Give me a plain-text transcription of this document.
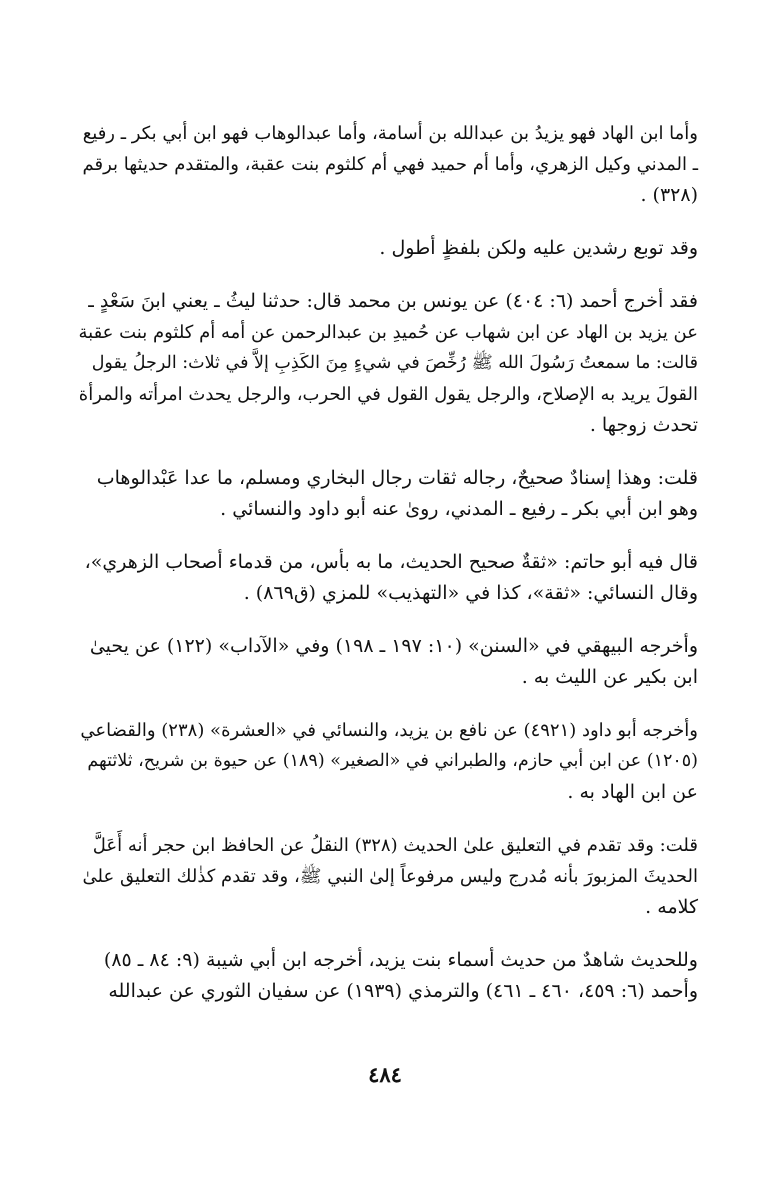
وأما ابن الهاد فهو يزيدُ بن عبدالله بن أسامة، وأما عبدالوهاب فهو ابن أبي بكر ـ رفيع
ـ المدني وكيل الزهري، وأما أم حميد فهي أم كلثوم بنت عقبة، والمتقدم حديثها برقم
(٣٢٨) .

وقد توبع رشدين عليه ولكن بلفظٍ أطول .

فقد أخرج أحمد (٦: ٤٠٤) عن يونس بن محمد قال: حدثنا ليثُ ـ يعني ابنَ سَعْدٍ ـ
عن يزيد بن الهاد عن ابن شهاب عن حُميدِ بن عبدالرحمن عن أمه أم كلثوم بنت عقبة
قالت: ما سمعتُ رَسُولَ الله ﷺ رُخِّصَ في شيءٍ مِنَ الكَذِبِ إلاَّ في ثلاث: الرجلُ يقول
القولَ يريد به الإصلاح، والرجل يقول القول في الحرب، والرجل يحدث امرأته والمرأة
تحدث زوجها .

قلت: وهذا إسنادٌ صحيحٌ، رجاله ثقات رجال البخاري ومسلم، ما عدا عَبْدالوهاب
وهو ابن أبي بكر ـ رفيع ـ المدني، روىٰ عنه أبو داود والنسائي .

قال فيه أبو حاتم: «ثقةٌ صحيح الحديث، ما به بأس، من قدماء أصحاب الزهري»،
وقال النسائي: «ثقة»، كذا في «التهذيب» للمزي (ق٨٦٩) .

وأخرجه البيهقي في «السنن» (١٠: ١٩٧ ـ ١٩٨) وفي «الآداب» (١٢٢) عن يحيىٰ
ابن بكير عن الليث به .

وأخرجه أبو داود (٤٩٢١) عن نافع بن يزيد، والنسائي في «العشرة» (٢٣٨) والقضاعي
(١٢٠٥) عن ابن أبي حازم، والطبراني في «الصغير» (١٨٩) عن حيوة بن شريح، ثلاثتهم
عن ابن الهاد به .

قلت: وقد تقدم في التعليق علىٰ الحديث (٣٢٨) النقلُ عن الحافظ ابن حجر أنه أَعَلَّ
الحديثَ المزبورَ بأنه مُدرج وليس مرفوعاً إلىٰ النبي ﷺ، وقد تقدم كذٰلك التعليق علىٰ
كلامه .

وللحديث شاهدٌ من حديث أسماء بنت يزيد، أخرجه ابن أبي شيبة (٩: ٨٤ ـ ٨٥)
وأحمد (٦: ٤٥٩، ٤٦٠ ـ ٤٦١) والترمذي (١٩٣٩) عن سفيان الثوري عن عبدالله

٤٨٤
